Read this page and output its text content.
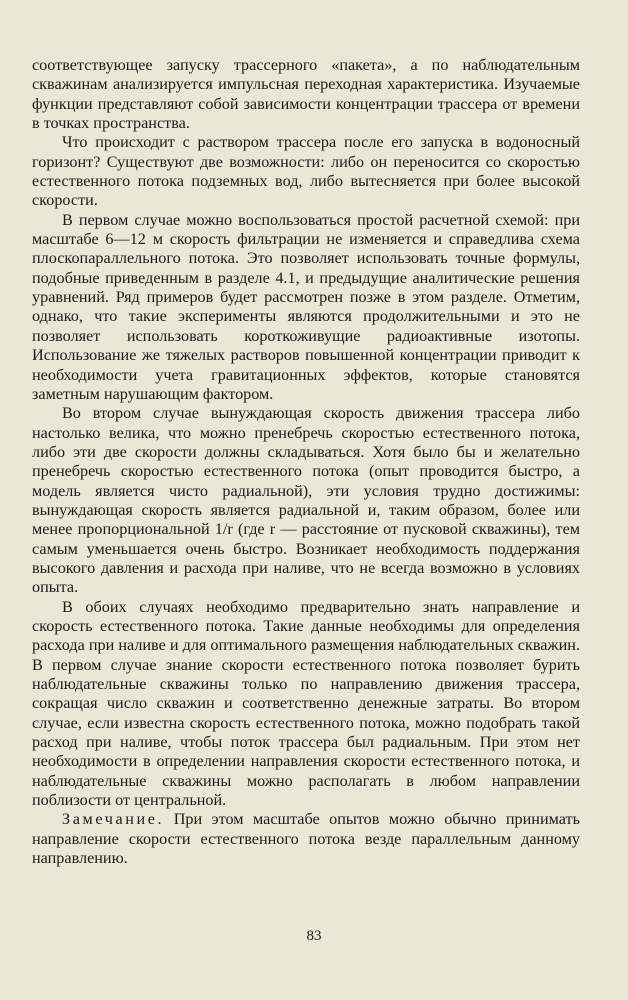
соответствующее запуску трассерного «пакета», а по наблюдательным скважинам анализируется импульсная переходная характеристика. Изучаемые функции представляют собой зависимости концентрации трассера от времени в точках пространства.

Что происходит с раствором трассера после его запуска в водоносный горизонт? Существуют две возможности: либо он переносится со скоростью естественного потока подземных вод, либо вытесняется при более высокой скорости.

В первом случае можно воспользоваться простой расчетной схемой: при масштабе 6—12 м скорость фильтрации не изменяется и справедлива схема плоскопараллельного потока. Это позволяет использовать точные формулы, подобные приведенным в разделе 4.1, и предыдущие аналитические решения уравнений. Ряд примеров будет рассмотрен позже в этом разделе. Отметим, однако, что такие эксперименты являются продолжительными и это не позволяет использовать короткоживущие радиоактивные изотопы. Использование же тяжелых растворов повышенной концентрации приводит к необходимости учета гравитационных эффектов, которые становятся заметным нарушающим фактором.

Во втором случае вынуждающая скорость движения трассера либо настолько велика, что можно пренебречь скоростью естественного потока, либо эти две скорости должны складываться. Хотя было бы и желательно пренебречь скоростью естественного потока (опыт проводится быстро, а модель является чисто радиальной), эти условия трудно достижимы: вынуждающая скорость является радиальной и, таким образом, более или менее пропорциональной 1/r (где r — расстояние от пусковой скважины), тем самым уменьшается очень быстро. Возникает необходимость поддержания высокого давления и расхода при наливе, что не всегда возможно в условиях опыта.

В обоих случаях необходимо предварительно знать направление и скорость естественного потока. Такие данные необходимы для определения расхода при наливе и для оптимального размещения наблюдательных скважин. В первом случае знание скорости естественного потока позволяет бурить наблюдательные скважины только по направлению движения трассера, сокращая число скважин и соответственно денежные затраты. Во втором случае, если известна скорость естественного потока, можно подобрать такой расход при наливе, чтобы поток трассера был радиальным. При этом нет необходимости в определении направления скорости естественного потока, и наблюдательные скважины можно располагать в любом направлении поблизости от центральной.

Замечание. При этом масштабе опытов можно обычно принимать направление скорости естественного потока везде параллельным данному направлению.

83
